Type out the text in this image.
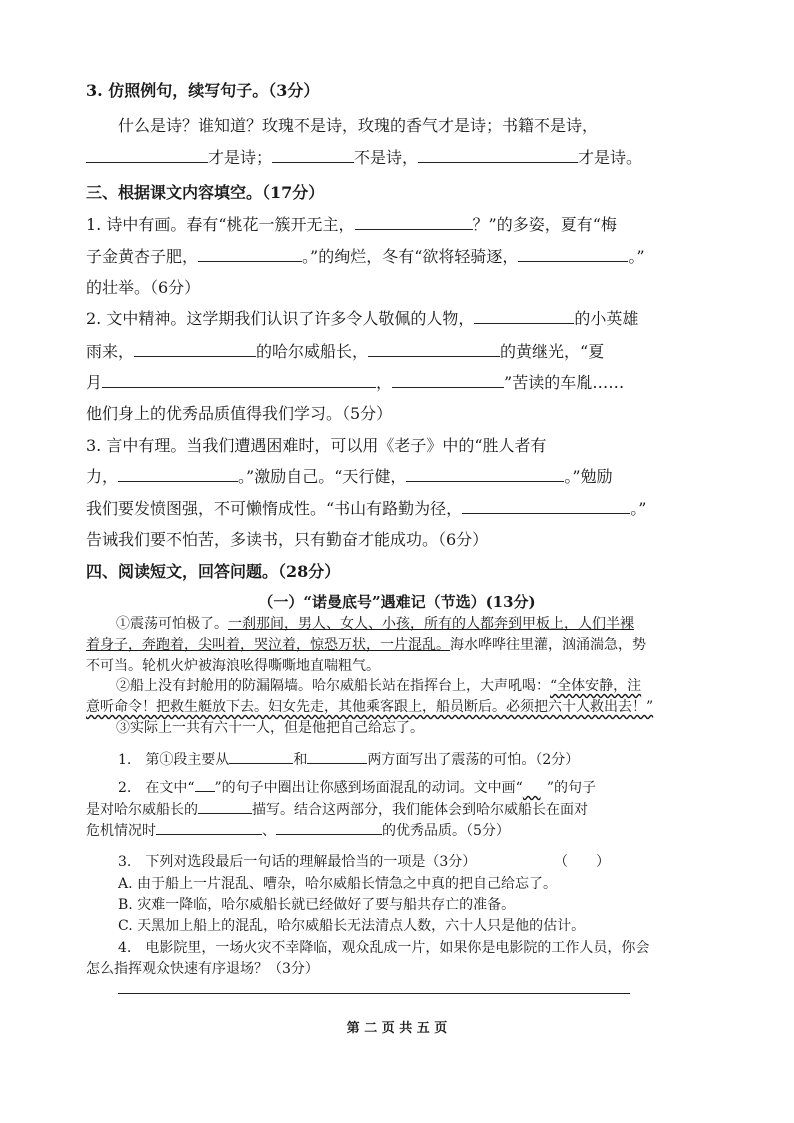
3. 仿照例句，续写句子。（3分）
什么是诗？谁知道？玫瑰不是诗，玫瑰的香气才是诗；书籍不是诗，
才是诗；	不是诗，	才是诗。
三、根据课文内容填空。（17分）
1. 诗中有画。春有“桃花一簇开无主，	？”的多姿，夏有“梅
子金黄杏子肥，	。”的绚烂，冬有“欲将轻骑逐，	。”
的壮举。（6分）
2. 文中精神。这学期我们认识了许多令人敬佩的人物，	的小英雄
雨来，	的哈尔威船长，	的黄继光，“夏
月	，	”苦读的车胤……
他们身上的优秀品质值得我们学习。（5分）
3. 言中有理。当我们遭遇困难时，可以用《老子》中的“胜人者有
力，	。”激励自己。“天行健，	。”勉励
我们要发愤图强，不可懒惰成性。“书山有路勤为径，	。”
告诫我们要不怕苦，多读书，只有勤奋才能成功。（6分）
四、阅读短文，回答问题。（28分）
（一）“诺曼底号”遇难记（节选）(13分)
①震荡可怕极了。一刹那间，男人、女人、小孩，所有的人都奔到甲板上，人们半裸
着身子，奔跑着，尖叫着，哭泣着，惊恐万状，一片混乱。海水哗哗往里灌，汹涌湍急，势
不可当。轮机火炉被海浪吆得嘶嘶地直喘粗气。
②船上没有封舱用的防漏隔墙。哈尔威船长站在指挥台上，大声吼喝：“全体安静，注
意听命令！把救生艇放下去。妇女先走，其他乘客跟上，船员断后。必须把六十人救出去！”
③实际上一共有六十一人，但是他把自己给忘了。
1.　第①段主要从	和	两方面写出了震荡的可怕。（2分）
2.　在文中“ ”的句子中圈出让你感到场面混乱的动词。文中画“ ”的句子
是对哈尔威船长的	描写。结合这两部分，我们能体会到哈尔威船长在面对
危机情况时	、	的优秀品质。（5分）
3.　下列对选段最后一句话的理解最恰当的一项是（3分）	（　　）
A. 由于船上一片混乱、嘈杂，哈尔威船长情急之中真的把自己给忘了。
B. 灾难一降临，哈尔威船长就已经做好了要与船共存亡的准备。
C. 天黑加上船上的混乱，哈尔威船长无法清点人数，六十人只是他的估计。
4.　电影院里，一场火灾不幸降临，观众乱成一片，如果你是电影院的工作人员，你会
怎么指挥观众快速有序退场？（3分）
第 二 页 共 五 页
